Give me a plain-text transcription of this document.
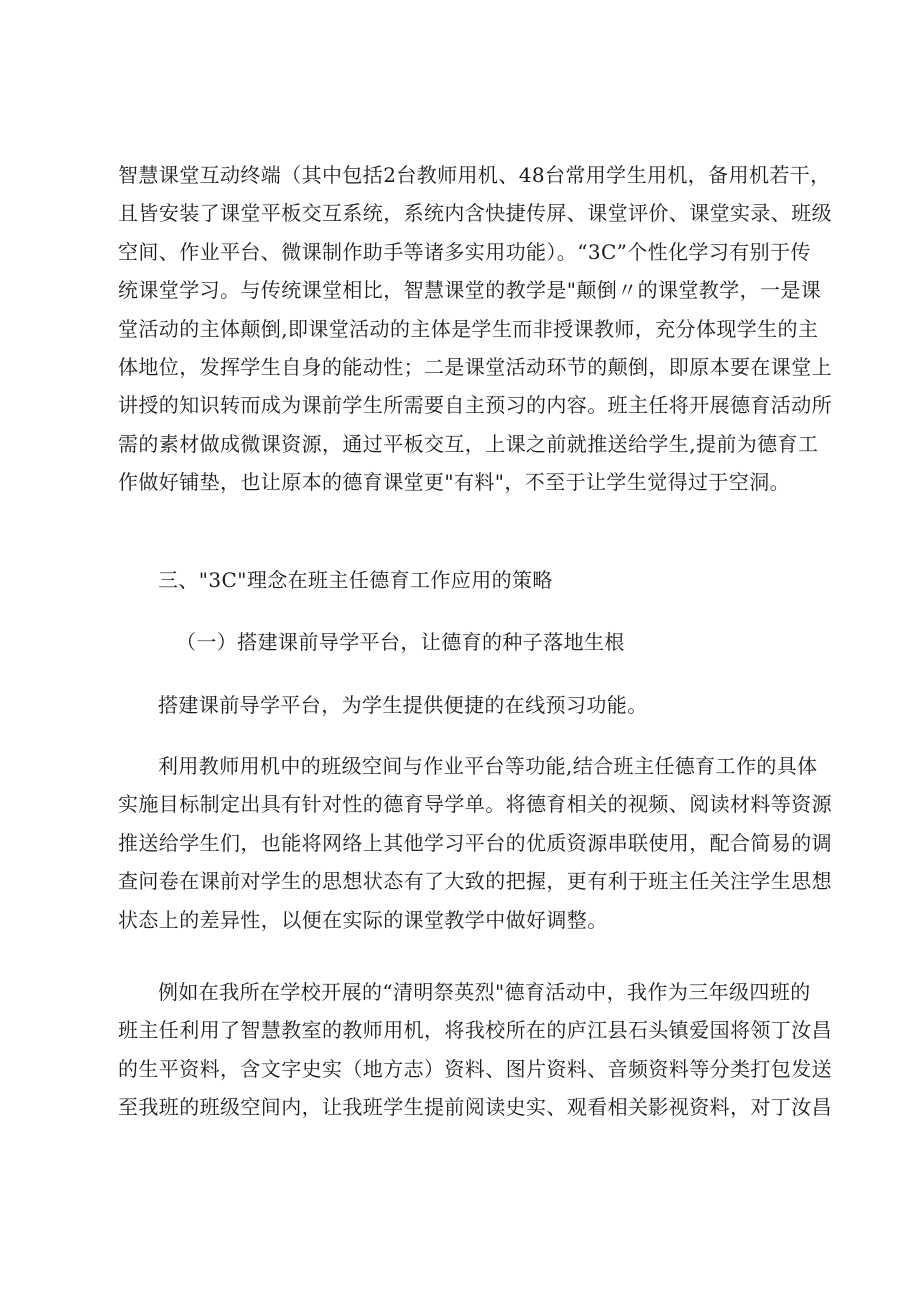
智慧课堂互动终端（其中包括2台教师用机、48台常用学生用机，备用机若干，
且皆安装了课堂平板交互系统，系统内含快捷传屏、课堂评价、课堂实录、班级
空间、作业平台、微课制作助手等诸多实用功能）。“3C”个性化学习有别于传
统课堂学习。与传统课堂相比，智慧课堂的教学是"颠倒〃的课堂教学，一是课
堂活动的主体颠倒,即课堂活动的主体是学生而非授课教师，充分体现学生的主
体地位，发挥学生自身的能动性；二是课堂活动环节的颠倒，即原本要在课堂上
讲授的知识转而成为课前学生所需要自主预习的内容。班主任将开展德育活动所
需的素材做成微课资源，通过平板交互，上课之前就推送给学生,提前为德育工
作做好铺垫，也让原本的德育课堂更"有料"，不至于让学生觉得过于空洞。
三、"3C"理念在班主任德育工作应用的策略
（一）搭建课前导学平台，让德育的种子落地生根
搭建课前导学平台，为学生提供便捷的在线预习功能。
利用教师用机中的班级空间与作业平台等功能,结合班主任德育工作的具体
实施目标制定出具有针对性的德育导学单。将德育相关的视频、阅读材料等资源
推送给学生们，也能将网络上其他学习平台的优质资源串联使用，配合简易的调
查问卷在课前对学生的思想状态有了大致的把握，更有利于班主任关注学生思想
状态上的差异性，以便在实际的课堂教学中做好调整。
例如在我所在学校开展的“清明祭英烈"德育活动中，我作为三年级四班的
班主任利用了智慧教室的教师用机，将我校所在的庐江县石头镇爱国将领丁汝昌
的生平资料，含文字史实（地方志）资料、图片资料、音频资料等分类打包发送
至我班的班级空间内，让我班学生提前阅读史实、观看相关影视资料，对丁汝昌
